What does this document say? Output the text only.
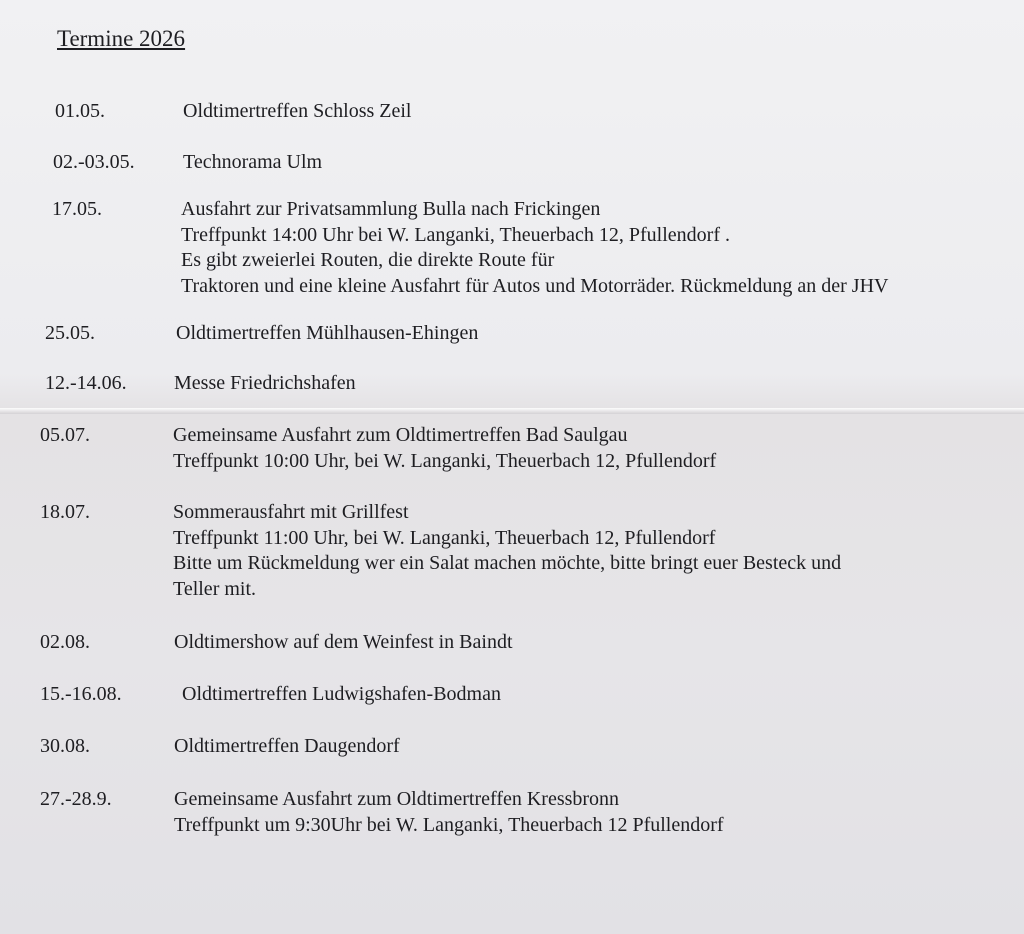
Termine 2026
01.05.	Oldtimertreffen Schloss Zeil
02.-03.05. Technorama Ulm
17.05.	Ausfahrt zur Privatsammlung Bulla nach Frickingen
Treffpunkt 14:00 Uhr bei W. Langanki, Theuerbach 12, Pfullendorf .
Es gibt zweierlei Routen, die direkte Route für
Traktoren und eine kleine Ausfahrt für Autos und Motorräder. Rückmeldung an der JHV
25.05.	Oldtimertreffen Mühlhausen-Ehingen
12.-14.06. Messe Friedrichshafen
05.07.	Gemeinsame Ausfahrt zum Oldtimertreffen Bad Saulgau
Treffpunkt 10:00 Uhr, bei W. Langanki, Theuerbach 12, Pfullendorf
18.07.	Sommerausfahrt mit Grillfest
Treffpunkt 11:00 Uhr, bei W. Langanki, Theuerbach 12, Pfullendorf
Bitte um Rückmeldung wer ein Salat machen möchte, bitte bringt euer Besteck und
Teller mit.
02.08.	Oldtimershow auf dem Weinfest in Baindt
15.-16.08.	Oldtimertreffen Ludwigshafen-Bodman
30.08.	Oldtimertreffen Daugendorf
27.-28.9.	Gemeinsame Ausfahrt zum Oldtimertreffen Kressbronn
Treffpunkt um 9:30Uhr bei W. Langanki, Theuerbach 12 Pfullendorf
